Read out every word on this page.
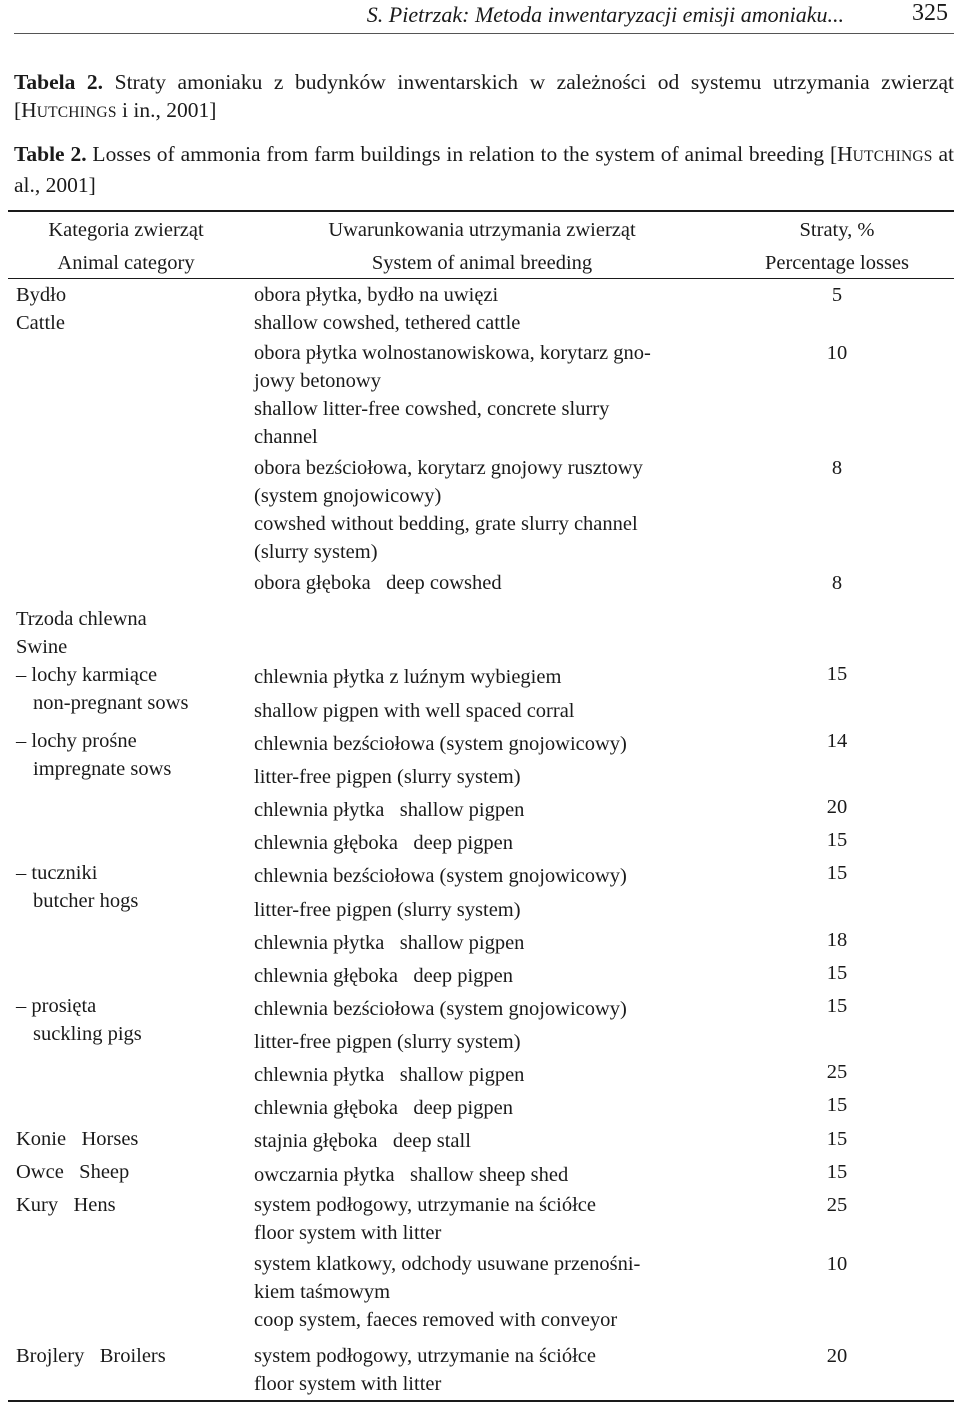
S. Pietrzak: Metoda inwentaryzacji emisji amoniaku...	325
Tabela 2. Straty amoniaku z budynków inwentarskich w zależności od systemu utrzymania zwierząt [HUTCHINGS i in., 2001]
Table 2. Losses of ammonia from farm buildings in relation to the system of animal breeding [HUTCHINGS at al., 2001]
Kategoria zwierząt
Animal category
Uwarunkowania utrzymania zwierząt
System of animal breeding
Straty, %
Percentage losses
Bydło
Cattle
Trzoda chlewna
Swine
– lochy karmiące
non-pregnant sows
– lochy prośne
impregnate sows
– tuczniki
butcher hogs
– prosięta
suckling pigs
Konie   Horses
Owce   Sheep
Kury   Hens
Brojlery   Broilers
obora płytka, bydło na uwięzi
shallow cowshed, tethered cattle
obora płytka wolnostanowiskowa, korytarz gno-
jowy betonowy
shallow litter-free cowshed, concrete slurry
channel
obora bezściołowa, korytarz gnojowy rusztowy
(system gnojowicowy)
cowshed without bedding, grate slurry channel
(slurry system)
obora głęboka   deep cowshed
chlewnia płytka z luźnym wybiegiem
shallow pigpen with well spaced corral
chlewnia bezściołowa (system gnojowicowy)
litter-free pigpen (slurry system)
chlewnia płytka   shallow pigpen
chlewnia głęboka   deep pigpen
chlewnia bezściołowa (system gnojowicowy)
litter-free pigpen (slurry system)
chlewnia płytka   shallow pigpen
chlewnia głęboka   deep pigpen
chlewnia bezściołowa (system gnojowicowy)
litter-free pigpen (slurry system)
chlewnia płytka   shallow pigpen
chlewnia głęboka   deep pigpen
stajnia głęboka   deep stall
owczarnia płytka   shallow sheep shed
system podłogowy, utrzymanie na ściółce
floor system with litter
system klatkowy, odchody usuwane przenośni-
kiem taśmowym
coop system, faeces removed with conveyor
system podłogowy, utrzymanie na ściółce
floor system with litter
5
10
8
8
15
14
20
15
15
18
15
15
25
15
15
15
25
10
20
